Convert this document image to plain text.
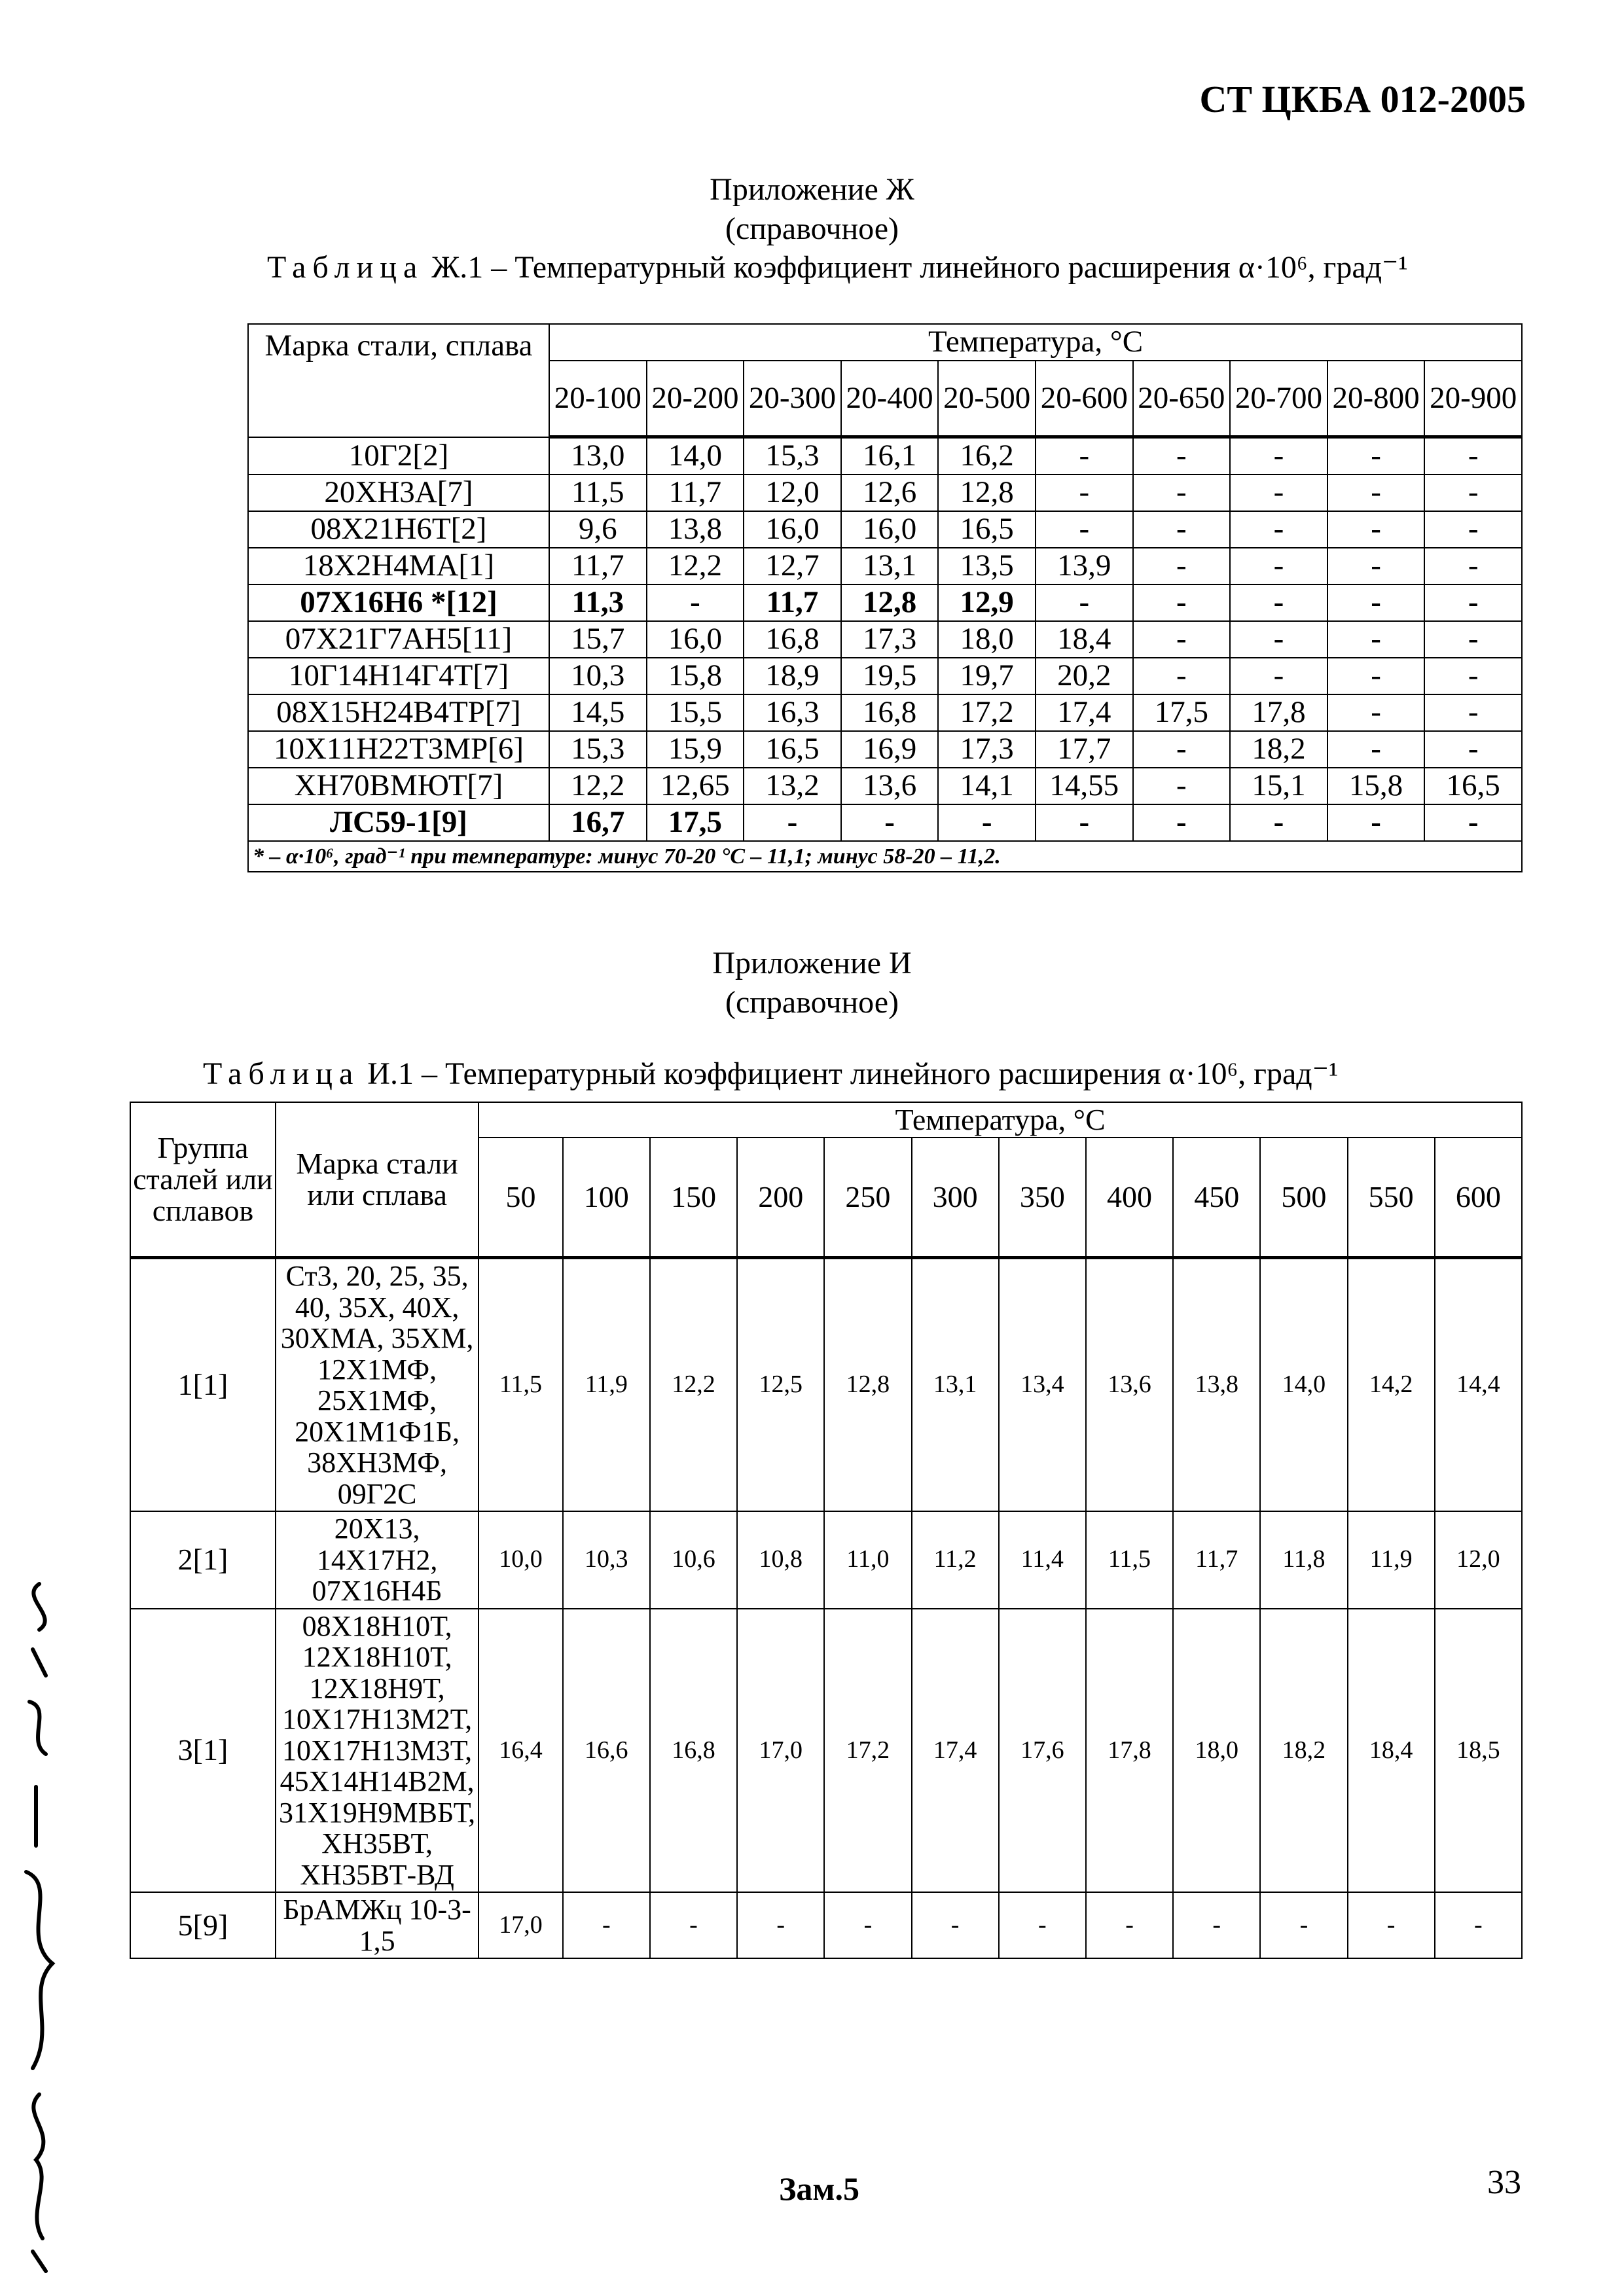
СТ ЦКБА 012-2005
Приложение Ж
(справочное)
Таблица Ж.1 – Температурный коэффициент линейного расширения α·10⁶, град⁻¹
Марка стали, сплава	Температура, °С									
	20-100	20-200	20-300	20-400	20-500	20-600	20-650	20-700	20-800	20-900
10Г2[2]	13,0	14,0	15,3	16,1	16,2	-	-	-	-	-
20ХН3А[7]	11,5	11,7	12,0	12,6	12,8	-	-	-	-	-
08Х21Н6Т[2]	9,6	13,8	16,0	16,0	16,5	-	-	-	-	-
18Х2Н4МА[1]	11,7	12,2	12,7	13,1	13,5	13,9	-	-	-	-
07Х16Н6 *[12]	11,3	-	11,7	12,8	12,9	-	-	-	-	-
07Х21Г7АН5[11]	15,7	16,0	16,8	17,3	18,0	18,4	-	-	-	-
10Г14Н14Г4Т[7]	10,3	15,8	18,9	19,5	19,7	20,2	-	-	-	-
08Х15Н24В4ТР[7]	14,5	15,5	16,3	16,8	17,2	17,4	17,5	17,8	-	-
10Х11Н22Т3МР[6]	15,3	15,9	16,5	16,9	17,3	17,7	-	18,2	-	-
ХН70ВМЮТ[7]	12,2	12,65	13,2	13,6	14,1	14,55	-	15,1	15,8	16,5
ЛС59-1[9]	16,7	17,5	-	-	-	-	-	-	-	-
* – α·10⁶, град⁻¹ при температуре: минус 70-20 °С – 11,1; минус 58-20 – 11,2.										
Приложение И
(справочное)
Таблица И.1 – Температурный коэффициент линейного расширения α·10⁶, град⁻¹
Группа сталей или сплавов	Марка стали или сплава	Температура, °С											
		50	100	150	200	250	300	350	400	450	500	550	600
1[1]	Ст3, 20, 25, 35, 40, 35Х, 40Х, 30ХМА, 35ХМ, 12Х1МФ, 25Х1МФ, 20Х1М1Ф1Б, 38ХН3МФ, 09Г2С	11,5	11,9	12,2	12,5	12,8	13,1	13,4	13,6	13,8	14,0	14,2	14,4
2[1]	20Х13, 14Х17Н2, 07Х16Н4Б	10,0	10,3	10,6	10,8	11,0	11,2	11,4	11,5	11,7	11,8	11,9	12,0
3[1]	08Х18Н10Т, 12Х18Н10Т, 12Х18Н9Т, 10Х17Н13М2Т, 10Х17Н13М3Т, 45Х14Н14В2М, 31Х19Н9МВБТ, ХН35ВТ, ХН35ВТ-ВД	16,4	16,6	16,8	17,0	17,2	17,4	17,6	17,8	18,0	18,2	18,4	18,5
5[9]	БрАМЖц 10-3-1,5	17,0	-	-	-	-	-	-	-	-	-	-	-
Зам.5	33
